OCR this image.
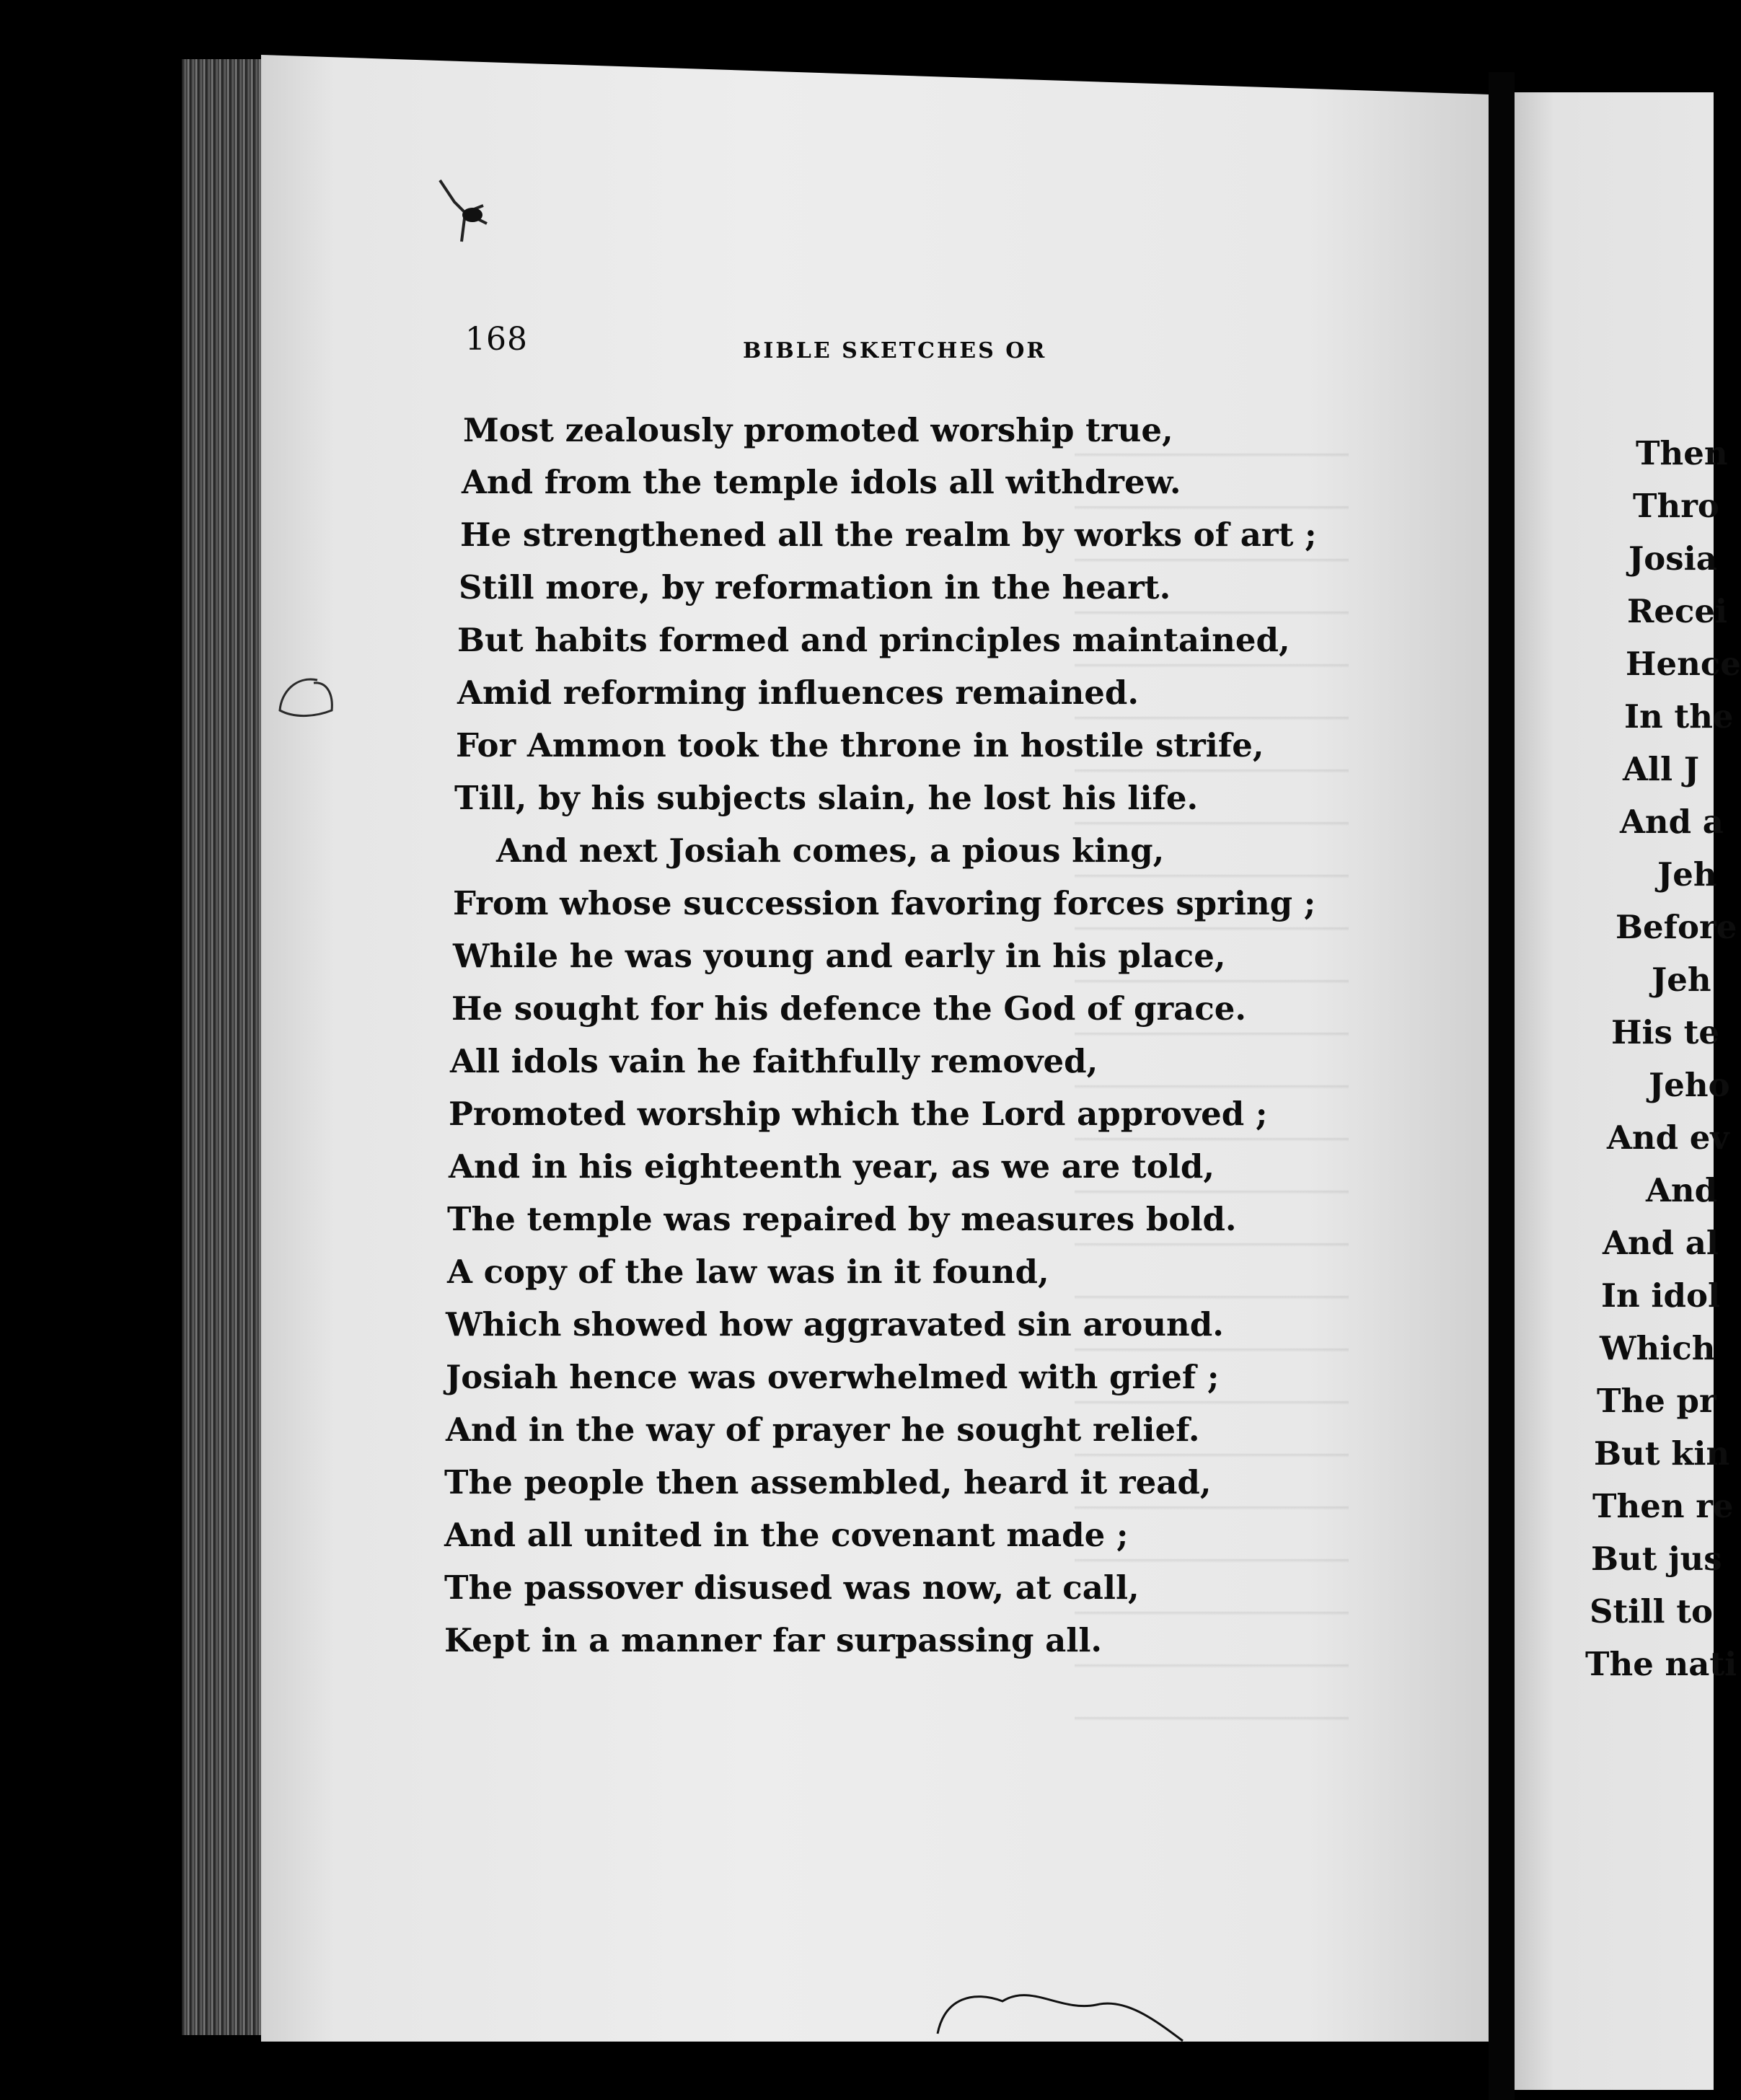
168	BIBLE SKETCHES OR
Most zealously promoted worship true,
And from the temple idols all withdrew.
He strengthened all the realm by works of art ;
Still more, by reformation in the heart.
But habits formed and principles maintained,
Amid reforming influences remained.
For Ammon took the throne in hostile strife,
Till, by his subjects slain, he lost his life.
And next Josiah comes, a pious king,
From whose succession favoring forces spring ;
While he was young and early in his place,
He sought for his defence the God of grace.
All idols vain he faithfully removed,
Promoted worship which the Lord approved ;
And in his eighteenth year, as we are told,
The temple was repaired by measures bold.
A copy of the law was in it found,
Which showed how aggravated sin around.
Josiah hence was overwhelmed with grief ;
And in the way of prayer he sought relief.
The people then assembled, heard it read,
And all united in the covenant made ;
The passover disused was now, at call,
Kept in a manner far surpassing all.
Then
Thro
Josia
Recei
Hence
In the
All J
And a
Jeh
Before
Jeh
His te
Jeho
And ev
And
And al
In idol
Which
The pr
But kin
Then re
But jus
Still to
The nati
